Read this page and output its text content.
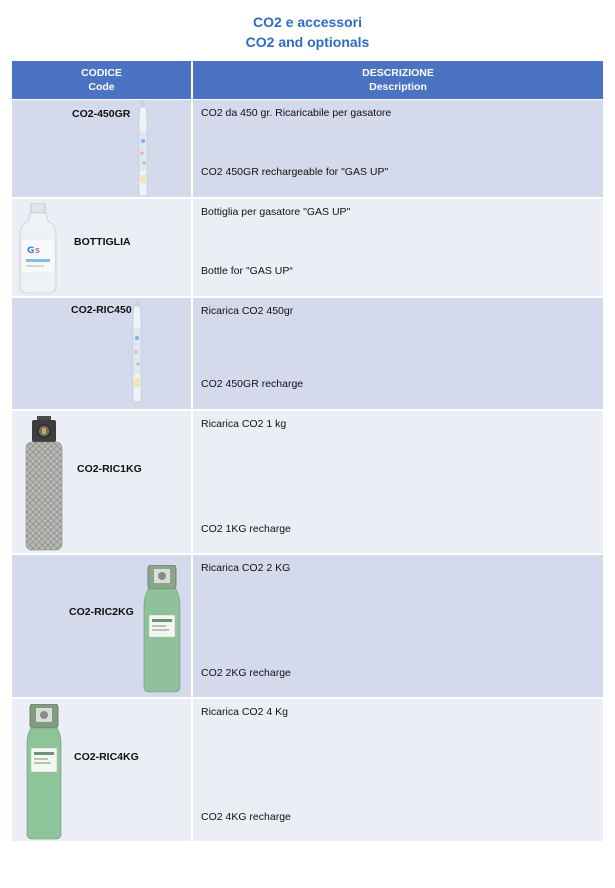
CO2 e accessori
CO2 and optionals
CODICE
Code
DESCRIZIONE
Description
CO2-450GR	CO2 da 450 gr. Ricaricabile per gasatore
CO2 450GR rechargeable for "GAS UP"
G S
BOTTIGLIA
Bottiglia per gasatore "GAS UP"
Bottle for "GAS UP“
CO2-RIC450	Ricarica CO2 450gr
CO2 450GR recharge
CO2-RIC1KG
Ricarica CO2 1 kg
CO2 1KG recharge
CO2-RIC2KG
Ricarica CO2 2 KG
CO2 2KG recharge
CO2-RIC4KG
Ricarica CO2 4 Kg
CO2 4KG recharge
